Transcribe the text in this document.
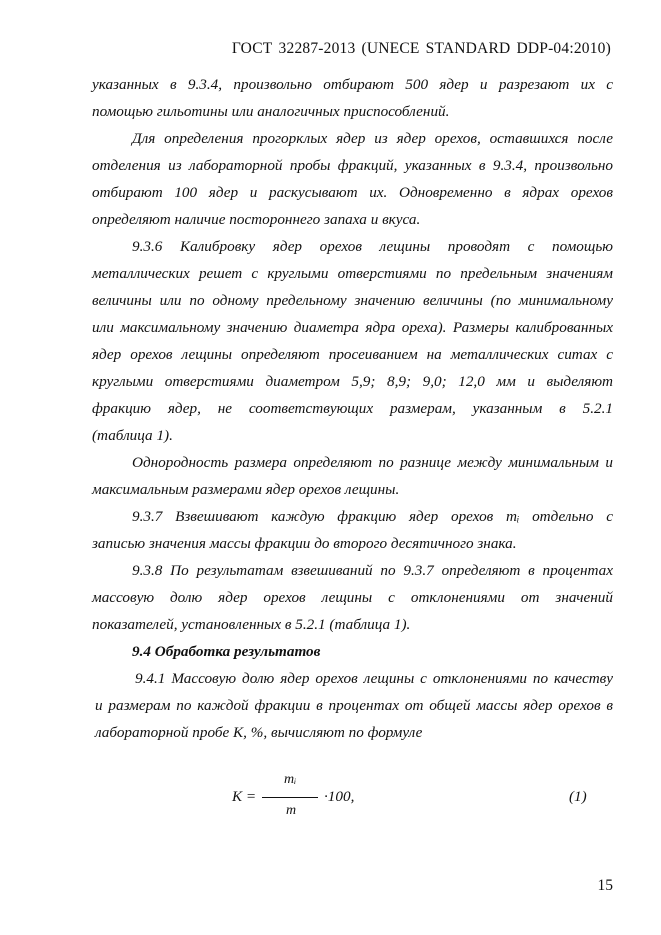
ГОСТ 32287-2013 (UNECE STANDARD DDP-04:2010)
указанных в 9.3.4, произвольно отбирают 500 ядер и разрезают их с
помощью гильотины или аналогичных приспособлений.
Для определения прогорклых ядер из ядер орехов, оставшихся после
отделения из лабораторной пробы фракций, указанных в 9.3.4, произвольно
отбирают 100 ядер и раскусывают их. Одновременно в ядрах орехов
определяют наличие постороннего запаха и вкуса.
9.3.6 Калибровку ядер орехов лещины проводят с помощью
металлических решет с круглыми отверстиями по предельным значениям
величины или по одному предельному значению величины (по минимальному
или максимальному значению диаметра ядра ореха). Размеры калиброванных
ядер орехов лещины определяют просеиванием на металлических ситах с
круглыми отверстиями диаметром 5,9; 8,9; 9,0; 12,0 мм и выделяют
фракцию ядер, не соответствующих размерам, указанным в 5.2.1
(таблица 1).
Однородность размера определяют по разнице между минимальным и
максимальным размерами ядер орехов лещины.
9.3.7 Взвешивают каждую фракцию ядер орехов mᵢ отдельно с
записью значения массы фракции до второго десятичного знака.
9.3.8 По результатам взвешиваний по 9.3.7 определяют в процентах
массовую долю ядер орехов лещины с отклонениями от значений
показателей, установленных в 5.2.1 (таблица 1).
9.4 Обработка результатов
9.4.1 Массовую долю ядер орехов лещины с отклонениями по качеству
и размерам по каждой фракции в процентах от общей массы ядер орехов в
лабораторной пробе K, %, вычисляют по формуле
K =
mᵢ
m
·100,	(1)
15
